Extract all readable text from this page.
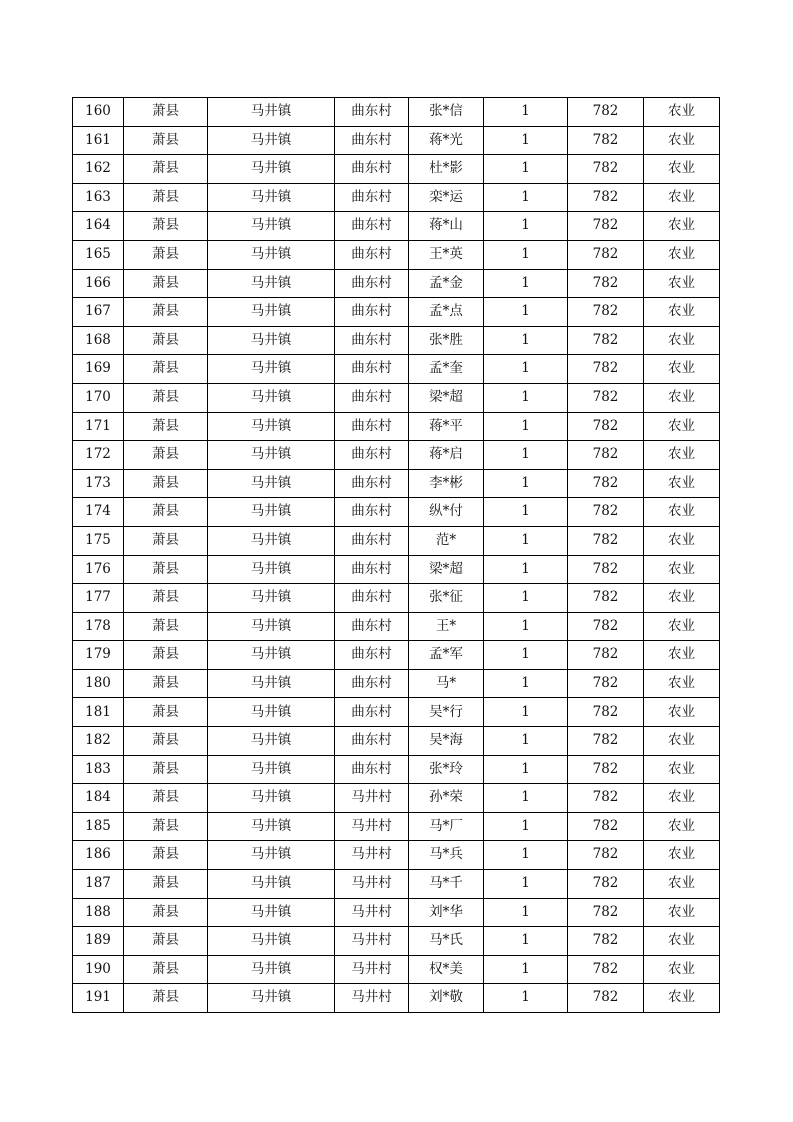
160	萧县	马井镇	曲东村	张*信	1	782	农业
161	萧县	马井镇	曲东村	蒋*光	1	782	农业
162	萧县	马井镇	曲东村	杜*影	1	782	农业
163	萧县	马井镇	曲东村	栾*运	1	782	农业
164	萧县	马井镇	曲东村	蒋*山	1	782	农业
165	萧县	马井镇	曲东村	王*英	1	782	农业
166	萧县	马井镇	曲东村	孟*金	1	782	农业
167	萧县	马井镇	曲东村	孟*点	1	782	农业
168	萧县	马井镇	曲东村	张*胜	1	782	农业
169	萧县	马井镇	曲东村	孟*奎	1	782	农业
170	萧县	马井镇	曲东村	梁*超	1	782	农业
171	萧县	马井镇	曲东村	蒋*平	1	782	农业
172	萧县	马井镇	曲东村	蒋*启	1	782	农业
173	萧县	马井镇	曲东村	李*彬	1	782	农业
174	萧县	马井镇	曲东村	纵*付	1	782	农业
175	萧县	马井镇	曲东村	范*	1	782	农业
176	萧县	马井镇	曲东村	梁*超	1	782	农业
177	萧县	马井镇	曲东村	张*征	1	782	农业
178	萧县	马井镇	曲东村	王*	1	782	农业
179	萧县	马井镇	曲东村	孟*军	1	782	农业
180	萧县	马井镇	曲东村	马*	1	782	农业
181	萧县	马井镇	曲东村	吴*行	1	782	农业
182	萧县	马井镇	曲东村	吴*海	1	782	农业
183	萧县	马井镇	曲东村	张*玲	1	782	农业
184	萧县	马井镇	马井村	孙*荣	1	782	农业
185	萧县	马井镇	马井村	马*厂	1	782	农业
186	萧县	马井镇	马井村	马*兵	1	782	农业
187	萧县	马井镇	马井村	马*千	1	782	农业
188	萧县	马井镇	马井村	刘*华	1	782	农业
189	萧县	马井镇	马井村	马*氏	1	782	农业
190	萧县	马井镇	马井村	权*美	1	782	农业
191	萧县	马井镇	马井村	刘*敬	1	782	农业
